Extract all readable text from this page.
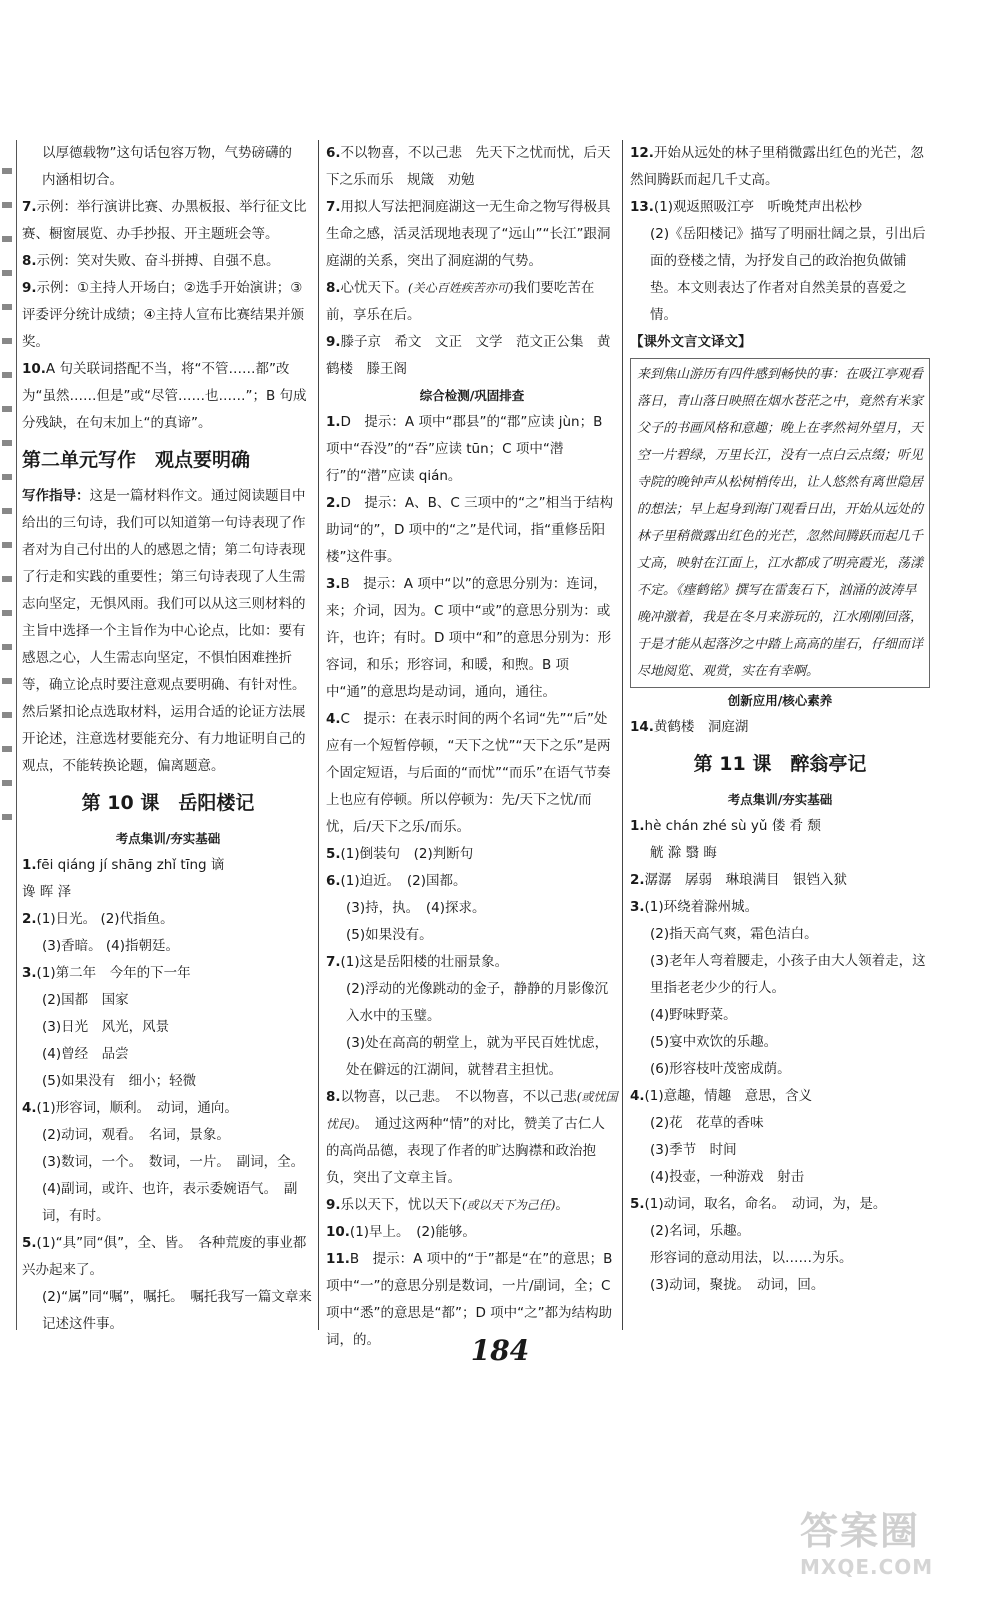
以厚德载物”这句话包容万物，气势磅礴的

内涵相切合。

7.示例：举行演讲比赛、办黑板报、举行征文比赛、橱窗展览、办手抄报、开主题班会等。
8.示例：笑对失败、奋斗拼搏、自强不息。
9.示例：①主持人开场白；②选手开始演讲；③评委评分统计成绩；④主持人宣布比赛结果并颁奖。
10.A 句关联词搭配不当，将“不管……都”改为“虽然……但是”或“尽管……也……”；B 句成分残缺，在句末加上“的真谛”。
第二单元写作　观点要明确
写作指导：这是一篇材料作文。通过阅读题目中给出的三句诗，我们可以知道第一句诗表现了作者对为自己付出的人的感恩之情；第二句诗表现了行走和实践的重要性；第三句诗表现了人生需志向坚定，无惧风雨。我们可以从这三则材料的主旨中选择一个主旨作为中心论点，比如：要有感恩之心，人生需志向坚定，不惧怕困难挫折等，确立论点时要注意观点要明确、有针对性。然后紧扣论点选取材料，运用合适的论证方法展开论述，注意选材要能充分、有力地证明自己的观点，不能转换论题，偏离题意。
第 10 课　岳阳楼记
考点集训/夯实基础
1.fēi qiáng jí shāng zhǐ tīng 谪

谗 晖 泽

2.(1)日光。 (2)代指鱼。

(3)香暗。 (4)指朝廷。

3.(1)第二年　今年的下一年

(2)国都　国家

(3)日光　风光，风景

(4)曾经　品尝

(5)如果没有　细小；轻微

4.(1)形容词，顺利。　动词，通向。

(2)动词，观看。　名词，景象。

(3)数词，一个。　数词，一片。　副词，全。

(4)副词，或许、也许，表示委婉语气。　副词，有时。

5.(1)“具”同“俱”，全、皆。　各种荒废的事业都兴办起来了。

(2)“属”同“嘱”，嘱托。　嘱托我写一篇文章来记述这件事。

6.不以物喜，不以己悲　先天下之忧而忧，后天下之乐而乐　规箴　劝勉
7.用拟人写法把洞庭湖这一无生命之物写得极具生命之感，活灵活现地表现了“远山”“长江”跟洞庭湖的关系，突出了洞庭湖的气势。
8.心忧天下。(关心百姓疾苦亦可)我们要吃苦在前，享乐在后。
9.滕子京　希文　文正　文学　范文正公集　黄鹤楼　滕王阁
综合检测/巩固排查
1.D　提示：A 项中“郡县”的“郡”应读 jùn；B 项中“吞没”的“吞”应读 tūn；C 项中“潜行”的“潜”应读 qián。
2.D　提示：A、B、C 三项中的“之”相当于结构助词“的”，D 项中的“之”是代词，指“重修岳阳楼”这件事。
3.B　提示：A 项中“以”的意思分别为：连词，来；介词，因为。C 项中“或”的意思分别为：或许，也许；有时。D 项中“和”的意思分别为：形容词，和乐；形容词，和暖，和煦。B 项中“通”的意思均是动词，通向，通往。
4.C　提示：在表示时间的两个名词“先”“后”处应有一个短暂停顿，“天下之忧”“天下之乐”是两个固定短语，与后面的“而忧”“而乐”在语气节奏上也应有停顿。所以停顿为：先/天下之忧/而忧，后/天下之乐/而乐。
5.(1)倒装句　(2)判断句
6.(1)迫近。　(2)国都。

(3)持，执。　(4)探求。

(5)如果没有。

7.(1)这是岳阳楼的壮丽景象。

(2)浮动的光像跳动的金子，静静的月影像沉入水中的玉璧。

(3)处在高高的朝堂上，就为平民百姓忧虑，处在僻远的江湖间，就替君主担忧。

8.以物喜，以己悲。　不以物喜，不以己悲(或忧国忧民)。　通过这两种“情”的对比，赞美了古仁人的高尚品德，表现了作者的旷达胸襟和政治抱负，突出了文章主旨。
9.乐以天下，忧以天下(或以天下为己任)。
10.(1)早上。　(2)能够。
11.B　提示：A 项中的“于”都是“在”的意思；B 项中“一”的意思分别是数词，一片/副词，全；C 项中“悉”的意思是“都”；D 项中“之”都为结构助词，的。
12.开始从远处的林子里稍微露出红色的光芒，忽然间腾跃而起几千丈高。
13.(1)观返照吸江亭　听晚梵声出松杪

(2)《岳阳楼记》描写了明丽壮阔之景，引出后面的登楼之情，为抒发自己的政治抱负做铺垫。本文则表达了作者对自然美景的喜爱之情。

【课外文言文译文】
来到焦山游历有四件感到畅快的事：在吸江亭观看落日，青山落日映照在烟水苍茫之中，竟然有米家父子的书画风格和意趣；晚上在孝然祠外望月，天空一片碧绿，万里长江，没有一点白云点缀；听见寺院的晚钟声从松树梢传出，让人悠然有离世隐居的想法；早上起身到海门观看日出，开始从远处的林子里稍微露出红色的光芒，忽然间腾跃而起几千丈高，映射在江面上，江水都成了明亮霞光，荡漾不定。《瘗鹤铭》撰写在雷轰石下，汹涌的波涛早晚冲激着，我是在冬月来游玩的，江水刚刚回落，于是才能从起落汐之中踏上高高的崖石，仔细而详尽地阅览、观赏，实在有幸啊。
创新应用/核心素养
14.黄鹤楼　洞庭湖
第 11 课　醉翁亭记
考点集训/夯实基础
1.hè chán zhé sù yǔ 偻 肴 颓

觥 滁 翳 晦

2.潺潺　孱弱　琳琅满目　银铛入狱
3.(1)环绕着滁州城。

(2)指天高气爽，霜色洁白。

(3)老年人弯着腰走，小孩子由大人领着走，这里指老老少少的行人。

(4)野味野菜。

(5)宴中欢饮的乐趣。

(6)形容枝叶茂密成荫。

4.(1)意趣，情趣　意思，含义

(2)花　花草的香味

(3)季节　时间

(4)投壶，一种游戏　射击

5.(1)动词，取名，命名。　动词，为，是。

(2)名词，乐趣。

形容词的意动用法，以……为乐。

(3)动词，聚拢。　动词，回。

184
答案圈
MXQE.COM
